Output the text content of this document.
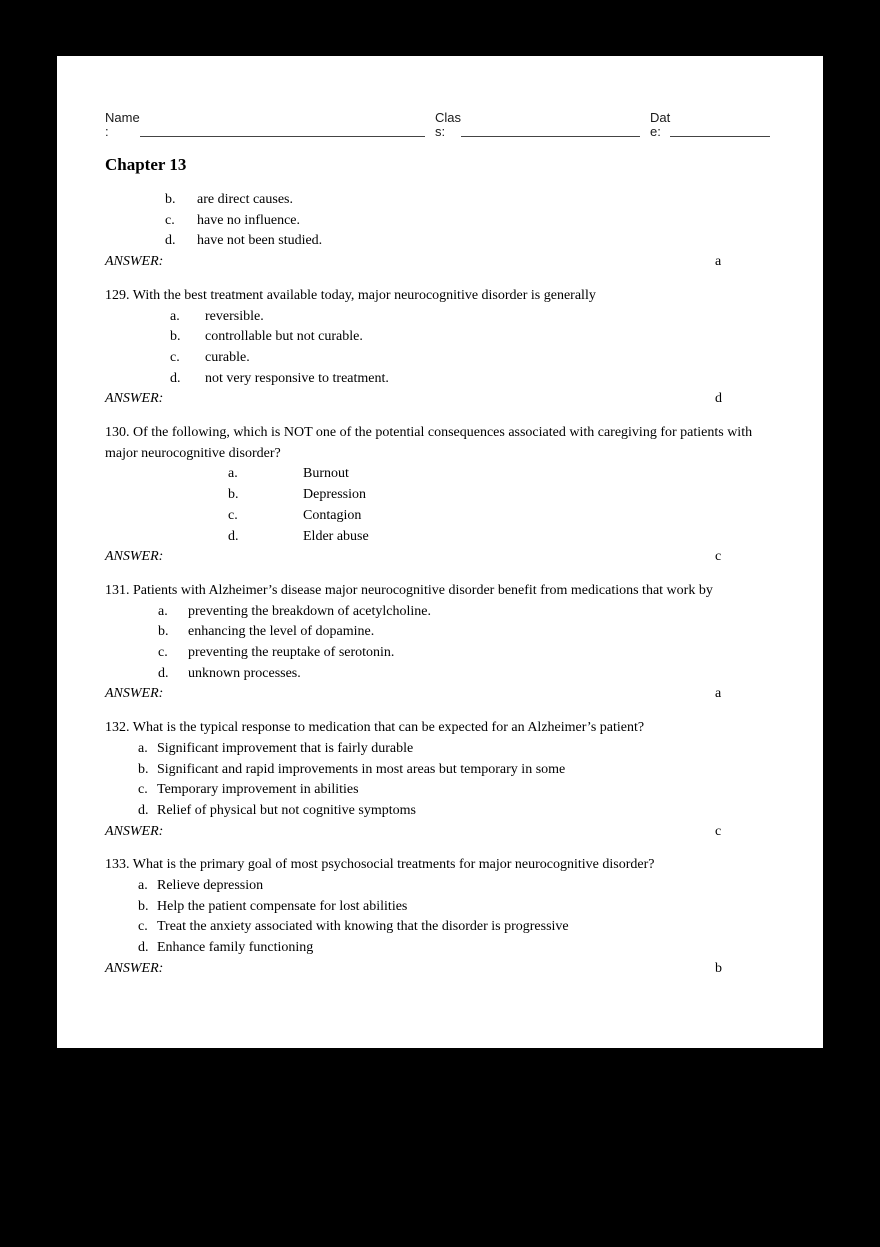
Name
:
Clas
s:
Dat
e:
Chapter 13
b.	are direct causes.
c.	have no influence.
d.	have not been studied.
ANSWER:	a
129. With the best treatment available today, major neurocognitive disorder is generally
a.	reversible.
b.	controllable but not curable.
c.	curable.
d.	not very responsive to treatment.
ANSWER:	d
130. Of the following, which is NOT one of the potential consequences associated with caregiving for patients with major neurocognitive disorder?
a.	Burnout
b.	Depression
c.	Contagion
d.	Elder abuse
ANSWER:	c
131. Patients with Alzheimer’s disease major neurocognitive disorder benefit from medications that work by
a.	preventing the breakdown of acetylcholine.
b.	enhancing the level of dopamine.
c.	preventing the reuptake of serotonin.
d.	unknown processes.
ANSWER:	a
132. What is the typical response to medication that can be expected for an Alzheimer’s patient?
a. Significant improvement that is fairly durable
b. Significant and rapid improvements in most areas but temporary in some
c. Temporary improvement in abilities
d. Relief of physical but not cognitive symptoms
ANSWER:	c
133. What is the primary goal of most psychosocial treatments for major neurocognitive disorder?
a. Relieve depression
b. Help the patient compensate for lost abilities
c. Treat the anxiety associated with knowing that the disorder is progressive
d. Enhance family functioning
ANSWER:	b
